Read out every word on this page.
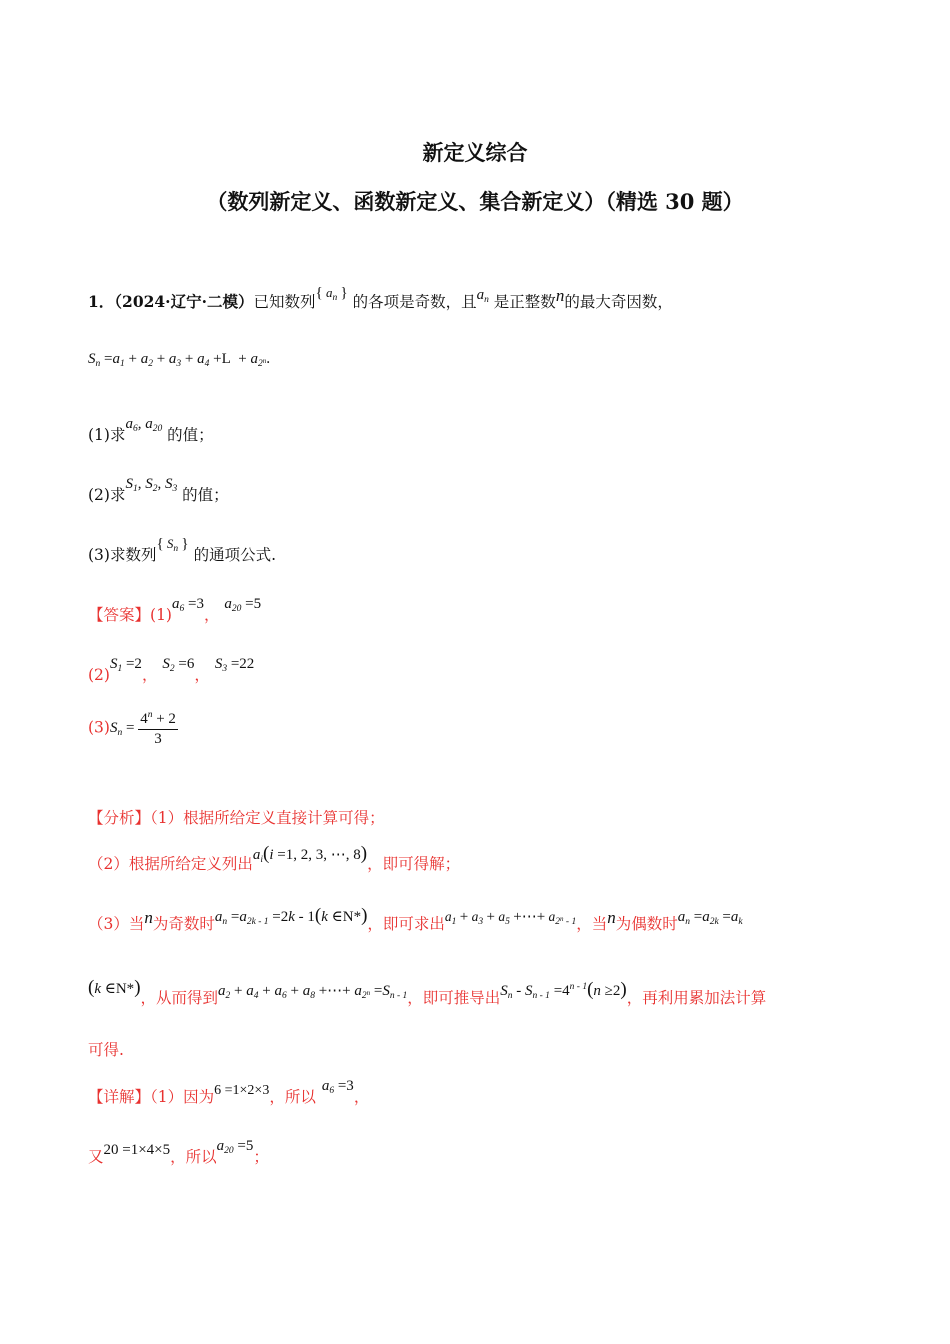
新定义综合
（数列新定义、函数新定义、集合新定义）（精选 30 题）
1．（2024·辽宁·二模）已知数列$^{\{ a_n \}}$ 的各项是奇数，且$a_n$ 是正整数n的最大奇因数，
$S_n =a_1 + a_2 + a_3 + a_4 +L + a_{2^n}$.
(1)求$a_6$, $a_{20}$ 的值；
(2)求$S_1$, $S_2$, $S_3$ 的值；
(3)求数列$^{\{ S_n \}}$ 的通项公式.
【答案】$(1)a_6 =3$， $a_{20} =5$
$(2)S_1 =2$， $S_2 =6$， $S_3 =22$
$(3)S_n = \frac{4^n + 2}{3}$
【分析】（1）根据所给定义直接计算可得；
（2）根据所给定义列出$a_i(i =1$, 2, 3, ⋯, 8)，即可得解；
（3）当n为奇数时$a_n =a_{2k - 1} =2k - 1(k$ ∈N*)，即可求出$a_1 + a_3 + a_5$ +⋯+ $a_{2^n - 1}$，当n为偶数时$a_n =a_{2k} =a_k$
(k ∈N*)，从而得到$a_2 + a_4 + a_6 + a_8$ +⋯+ $a_{2^n} =S_{n - 1}$，即可推导出$S_n - S_{n - 1} =4^{n - 1}(n \ge 2)$，再利用累加法计算
可得.
【详解】（1）因为6 =1×2×3，所以$a_6 =3$，
又20 =1×4×5，所以$a_{20} =5$；
